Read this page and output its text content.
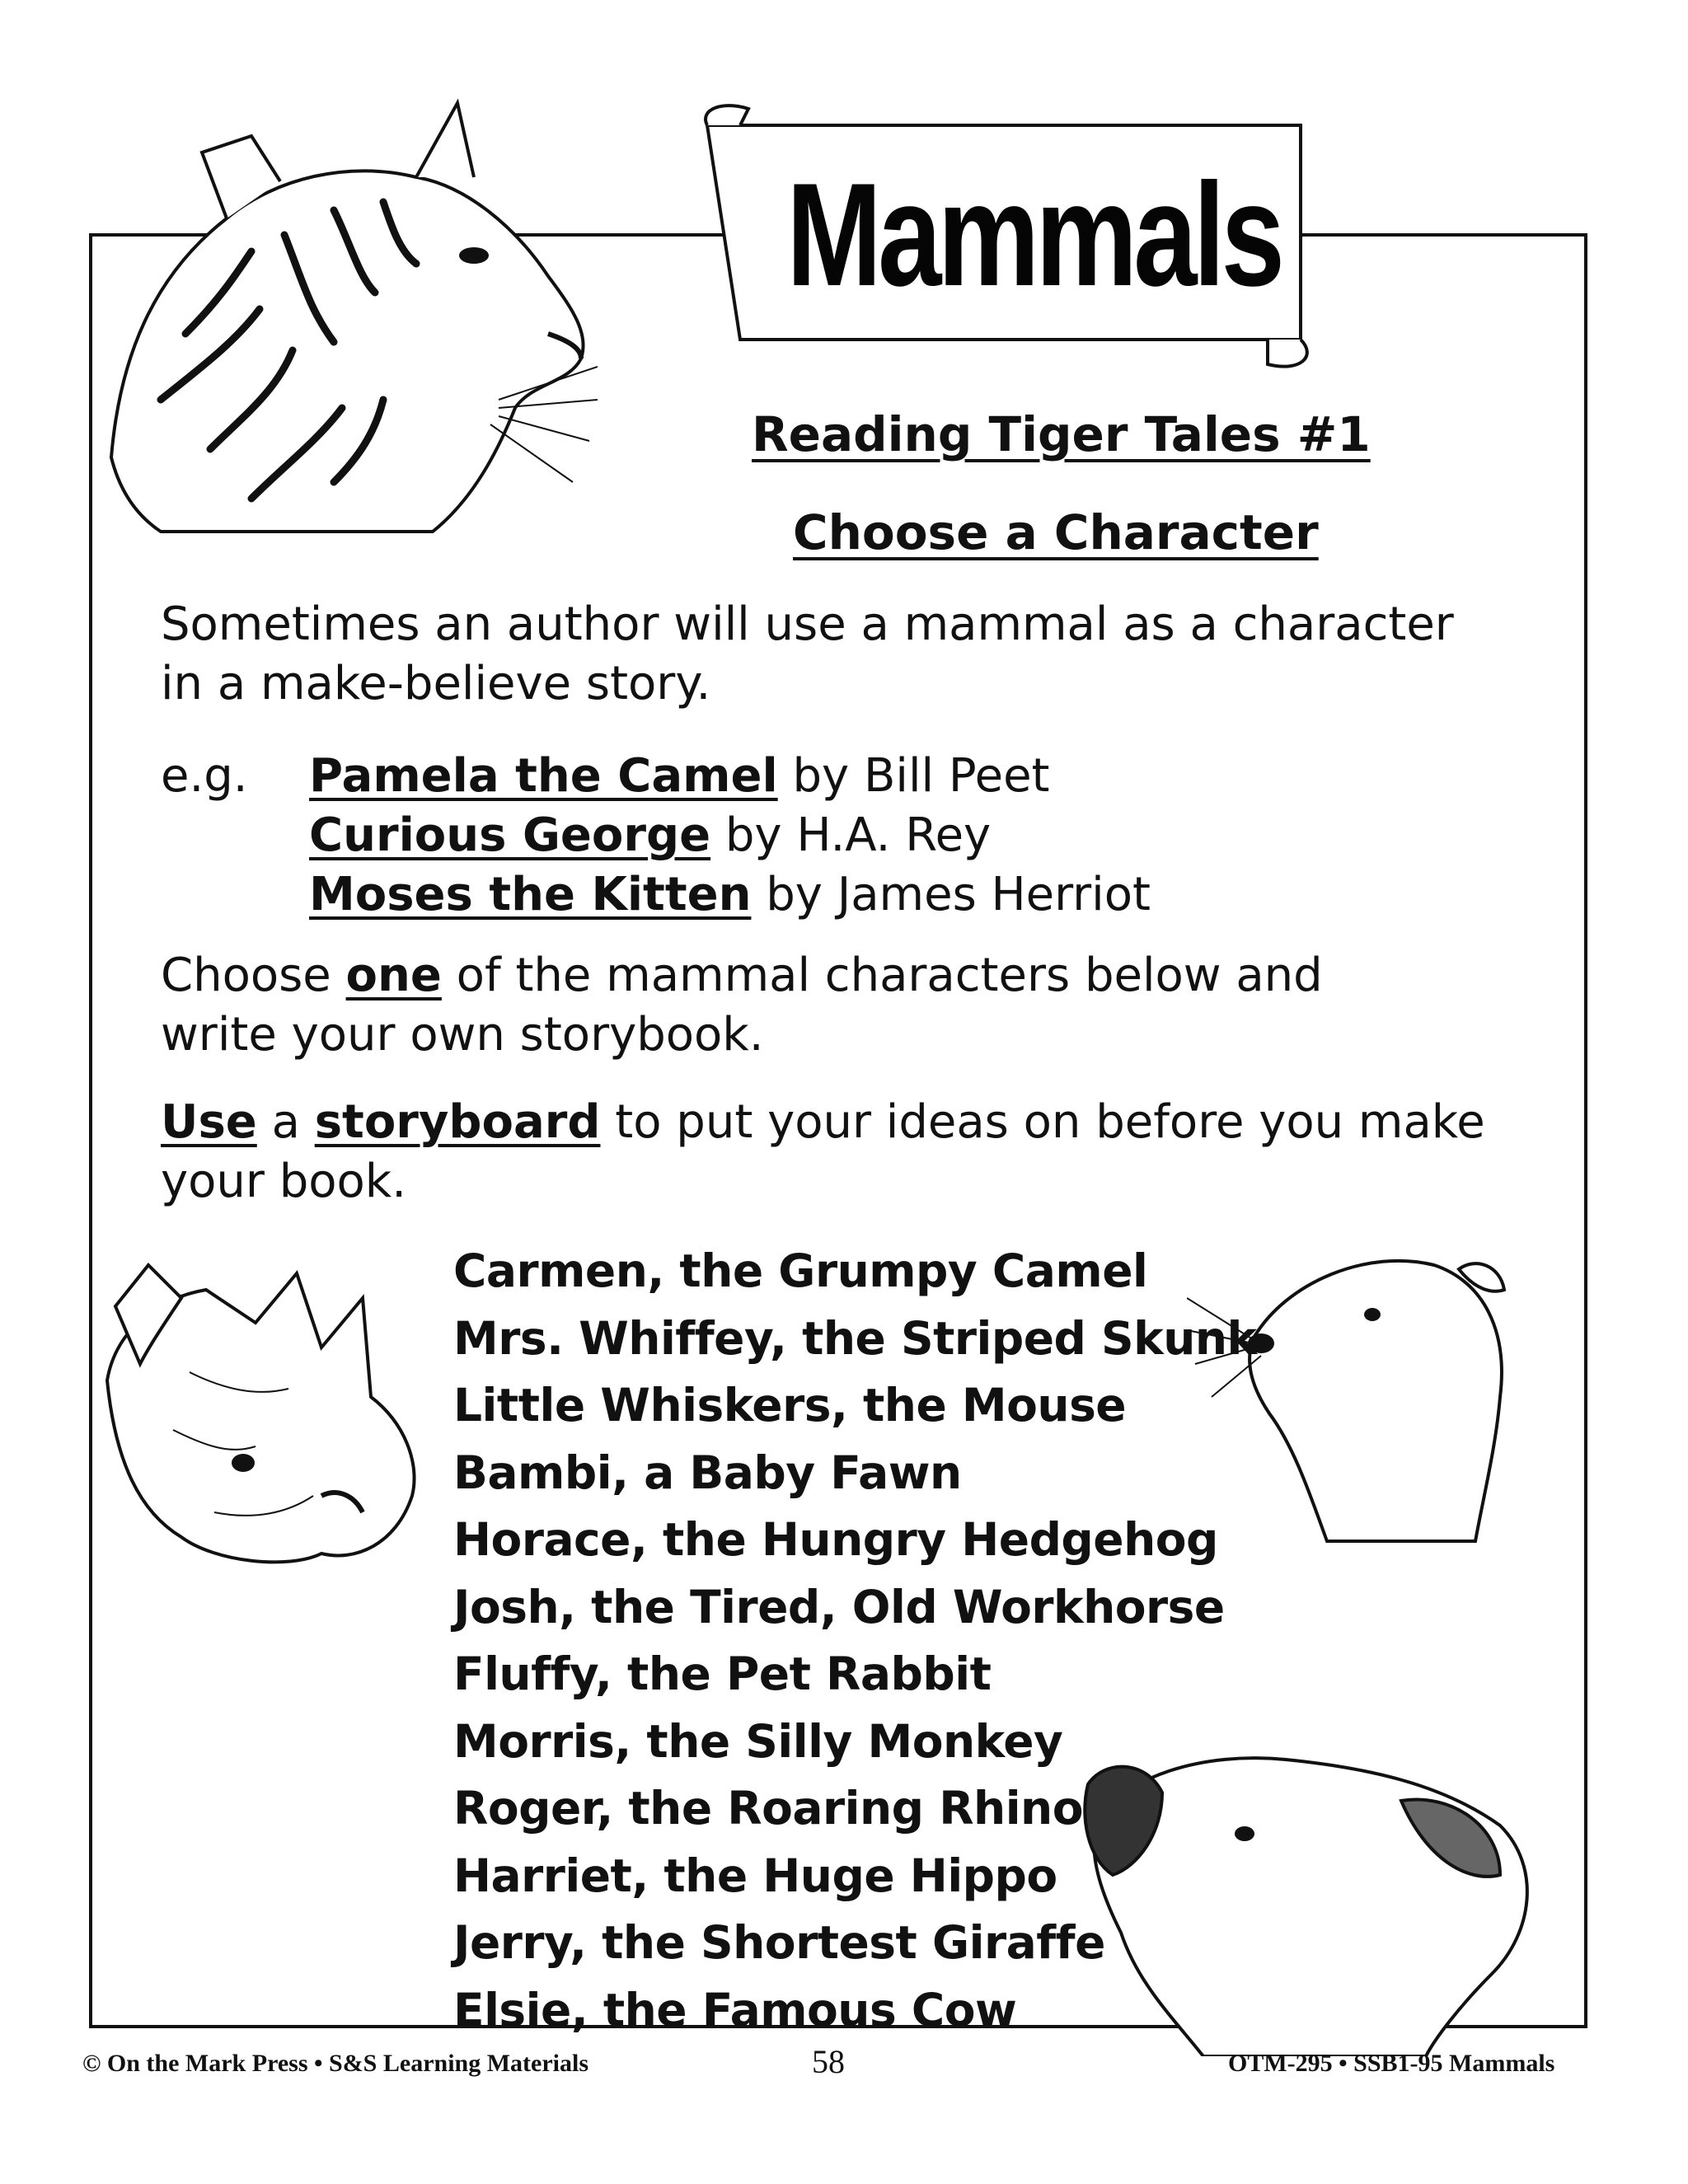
Mammals
Reading Tiger Tales #1
Choose a Character
Sometimes an author will use a mammal as a character
in a make-believe story.
e.g. Pamela the Camel by Bill Peet
Curious George by H.A. Rey
Moses the Kitten by James Herriot
Choose one of the mammal characters below and
write your own storybook.
Use a storyboard to put your ideas on before you make
your book.
Carmen, the Grumpy Camel
Mrs. Whiffey, the Striped Skunk
Little Whiskers, the Mouse
Bambi, a Baby Fawn
Horace, the Hungry Hedgehog
Josh, the Tired, Old Workhorse
Fluffy, the Pet Rabbit
Morris, the Silly Monkey
Roger, the Roaring Rhino
Harriet, the Huge Hippo
Jerry, the Shortest Giraffe
Elsie, the Famous Cow
© On the Mark Press • S&S Learning Materials	58	OTM-295 • SSB1-95 Mammals
